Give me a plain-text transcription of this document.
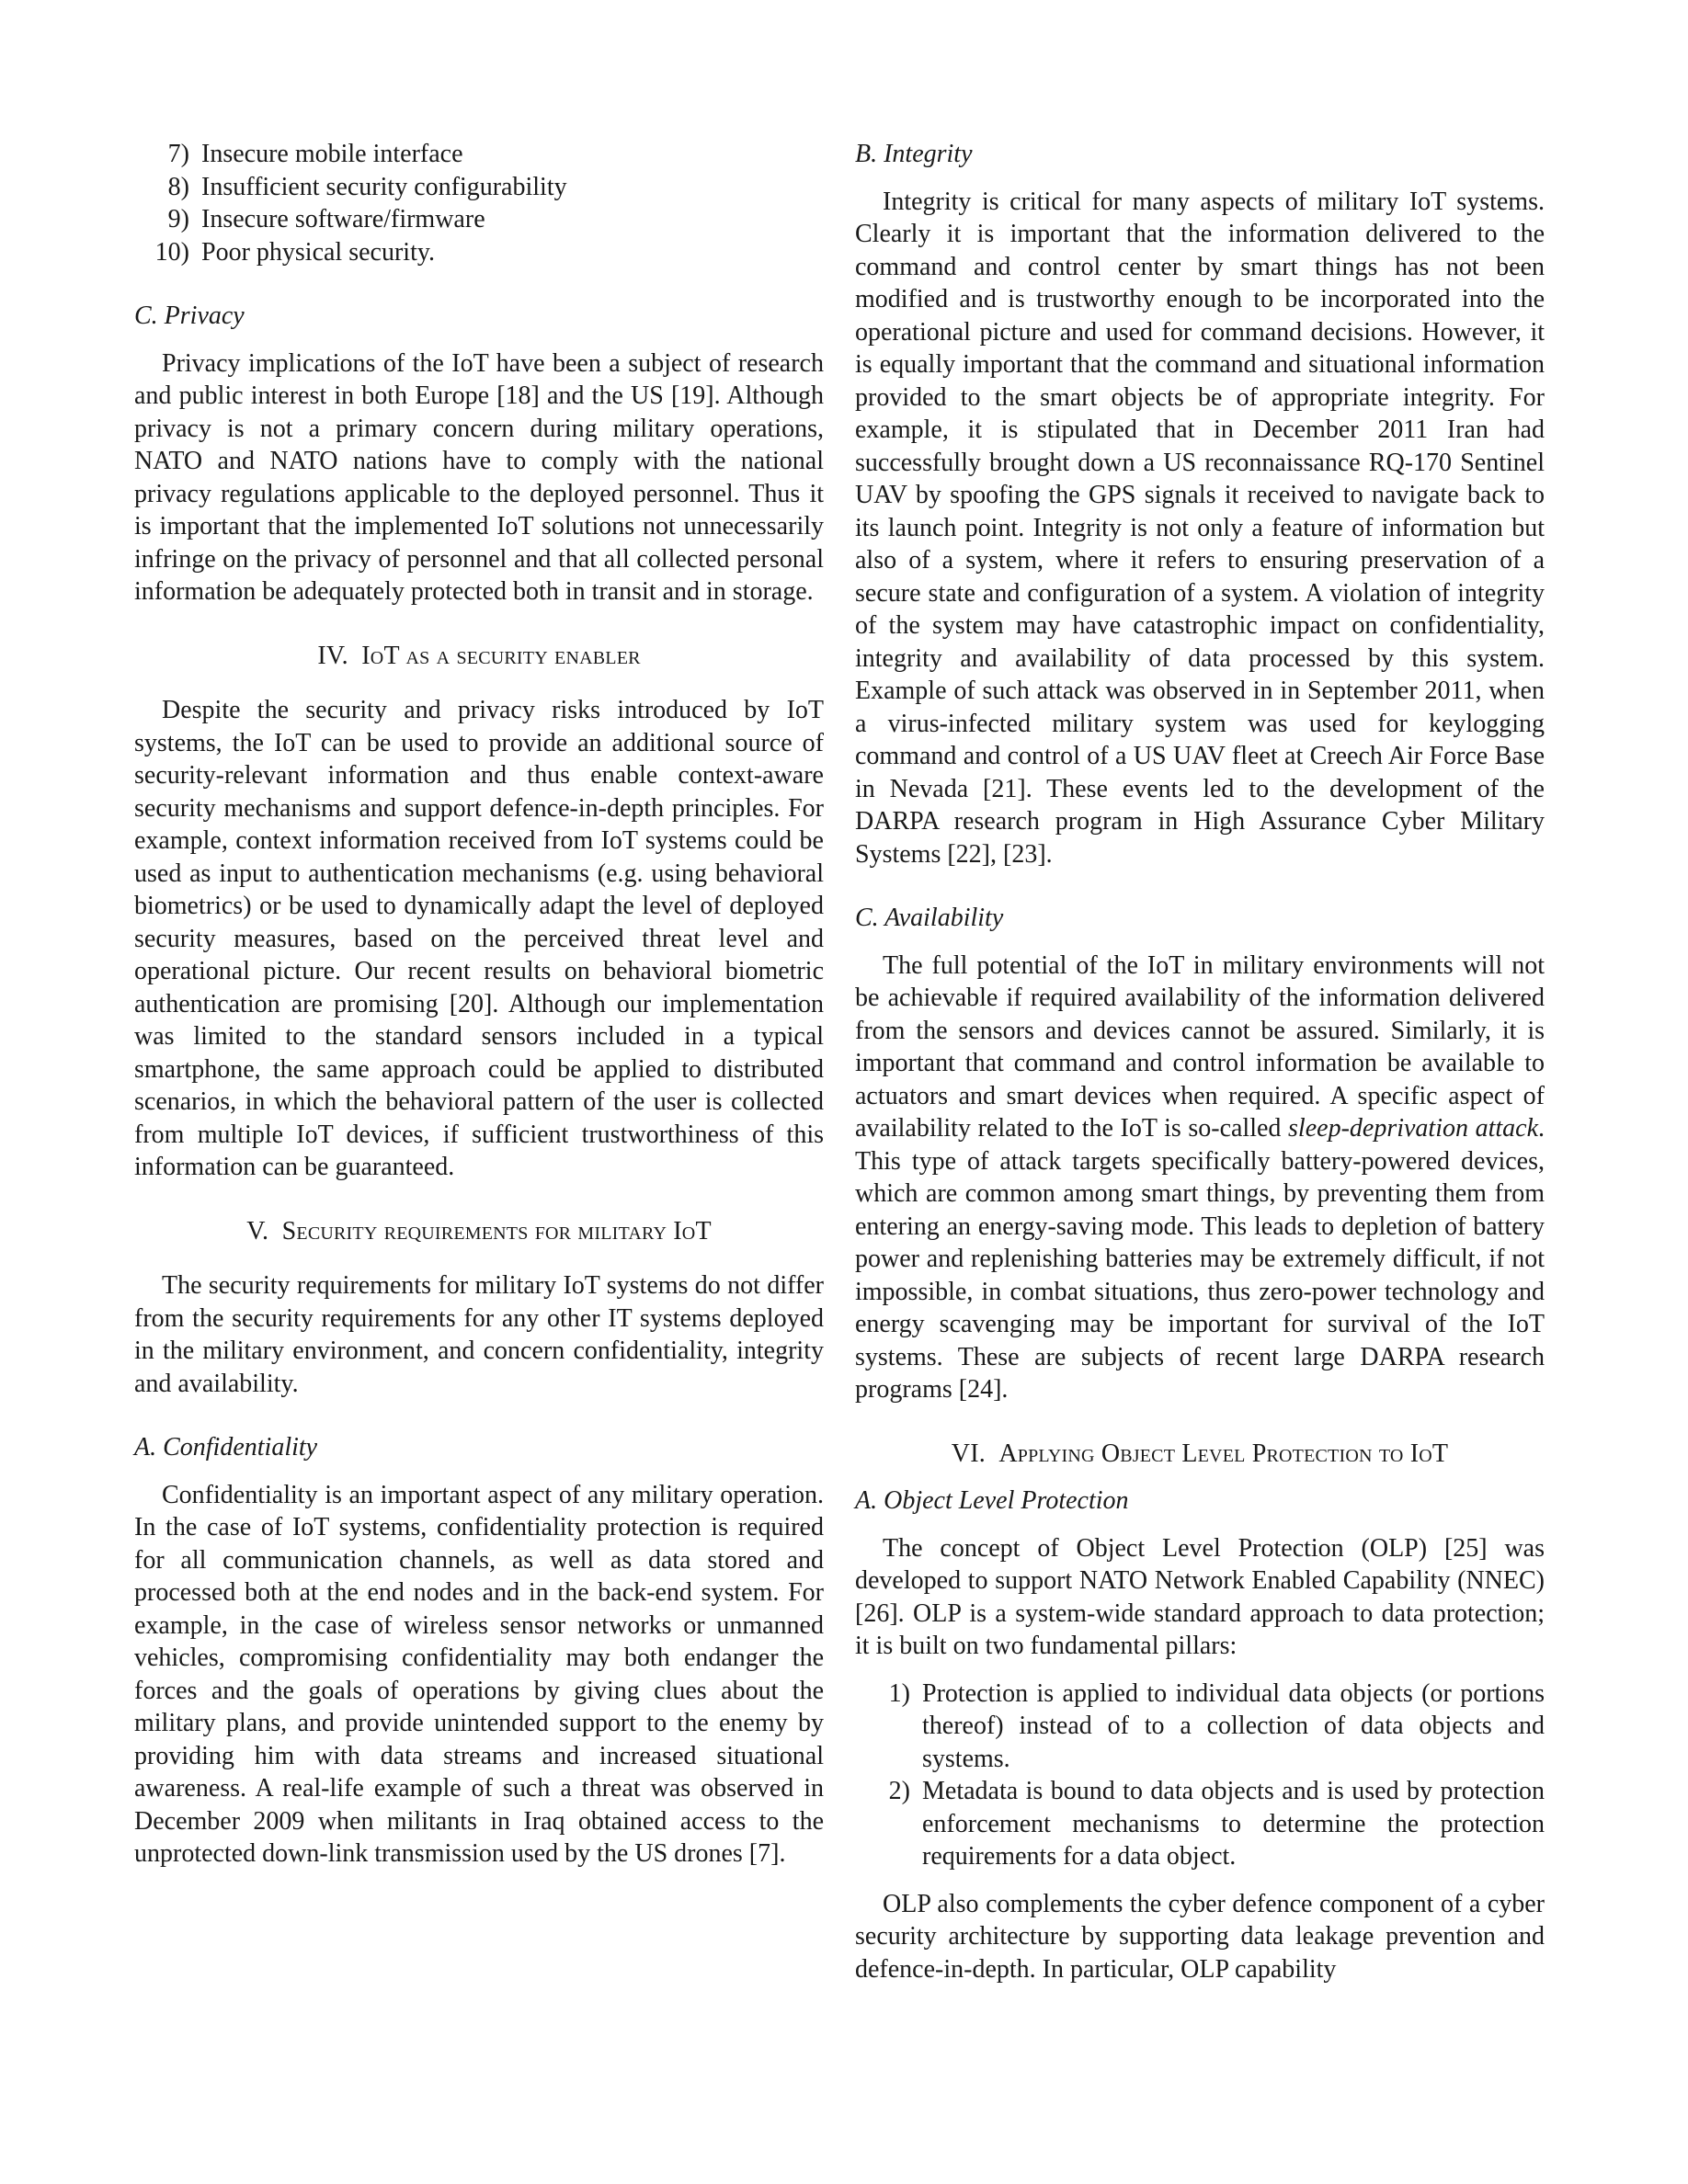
7) Insecure mobile interface
8) Insufficient security configurability
9) Insecure software/firmware
10) Poor physical security.
C. Privacy

Privacy implications of the IoT have been a subject of research and public interest in both Europe [18] and the US [19]. Although privacy is not a primary concern during military operations, NATO and NATO nations have to comply with the national privacy regulations applicable to the deployed personnel. Thus it is important that the implemented IoT solutions not unnecessarily infringe on the privacy of personnel and that all collected personal information be adequately protected both in transit and in storage.

IV. IoT as a security enabler

Despite the security and privacy risks introduced by IoT systems, the IoT can be used to provide an additional source of security-relevant information and thus enable context-aware security mechanisms and support defence-in-depth principles. For example, context information received from IoT systems could be used as input to authentication mechanisms (e.g. using behavioral biometrics) or be used to dynamically adapt the level of deployed security measures, based on the perceived threat level and operational picture. Our recent results on behavioral biometric authentication are promising [20]. Although our implementation was limited to the standard sensors included in a typical smartphone, the same approach could be applied to distributed scenarios, in which the behavioral pattern of the user is collected from multiple IoT devices, if sufficient trustworthiness of this information can be guaranteed.

V. Security requirements for military IoT

The security requirements for military IoT systems do not differ from the security requirements for any other IT systems deployed in the military environment, and concern confidentiality, integrity and availability.

A. Confidentiality

Confidentiality is an important aspect of any military operation. In the case of IoT systems, confidentiality protection is required for all communication channels, as well as data stored and processed both at the end nodes and in the back-end system. For example, in the case of wireless sensor networks or unmanned vehicles, compromising confidentiality may both endanger the forces and the goals of operations by giving clues about the military plans, and provide unintended support to the enemy by providing him with data streams and increased situational awareness. A real-life example of such a threat was observed in December 2009 when militants in Iraq obtained access to the unprotected down-link transmission used by the US drones [7].

B. Integrity

Integrity is critical for many aspects of military IoT systems. Clearly it is important that the information delivered to the command and control center by smart things has not been modified and is trustworthy enough to be incorporated into the operational picture and used for command decisions. However, it is equally important that the command and situational information provided to the smart objects be of appropriate integrity. For example, it is stipulated that in December 2011 Iran had successfully brought down a US reconnaissance RQ-170 Sentinel UAV by spoofing the GPS signals it received to navigate back to its launch point. Integrity is not only a feature of information but also of a system, where it refers to ensuring preservation of a secure state and configuration of a system. A violation of integrity of the system may have catastrophic impact on confidentiality, integrity and availability of data processed by this system. Example of such attack was observed in in September 2011, when a virus-infected military system was used for keylogging command and control of a US UAV fleet at Creech Air Force Base in Nevada [21]. These events led to the development of the DARPA research program in High Assurance Cyber Military Systems [22], [23].

C. Availability

The full potential of the IoT in military environments will not be achievable if required availability of the information delivered from the sensors and devices cannot be assured. Similarly, it is important that command and control information be available to actuators and smart devices when required. A specific aspect of availability related to the IoT is so-called sleep-deprivation attack. This type of attack targets specifically battery-powered devices, which are common among smart things, by preventing them from entering an energy-saving mode. This leads to depletion of battery power and replenishing batteries may be extremely difficult, if not impossible, in combat situations, thus zero-power technology and energy scavenging may be important for survival of the IoT systems. These are subjects of recent large DARPA research programs [24].

VI. Applying Object Level Protection to IoT
A. Object Level Protection

The concept of Object Level Protection (OLP) [25] was developed to support NATO Network Enabled Capability (NNEC) [26]. OLP is a system-wide standard approach to data protection; it is built on two fundamental pillars:

1) Protection is applied to individual data objects (or portions thereof) instead of to a collection of data objects and systems.
2) Metadata is bound to data objects and is used by protection enforcement mechanisms to determine the protection requirements for a data object.

OLP also complements the cyber defence component of a cyber security architecture by supporting data leakage prevention and defence-in-depth. In particular, OLP capability
